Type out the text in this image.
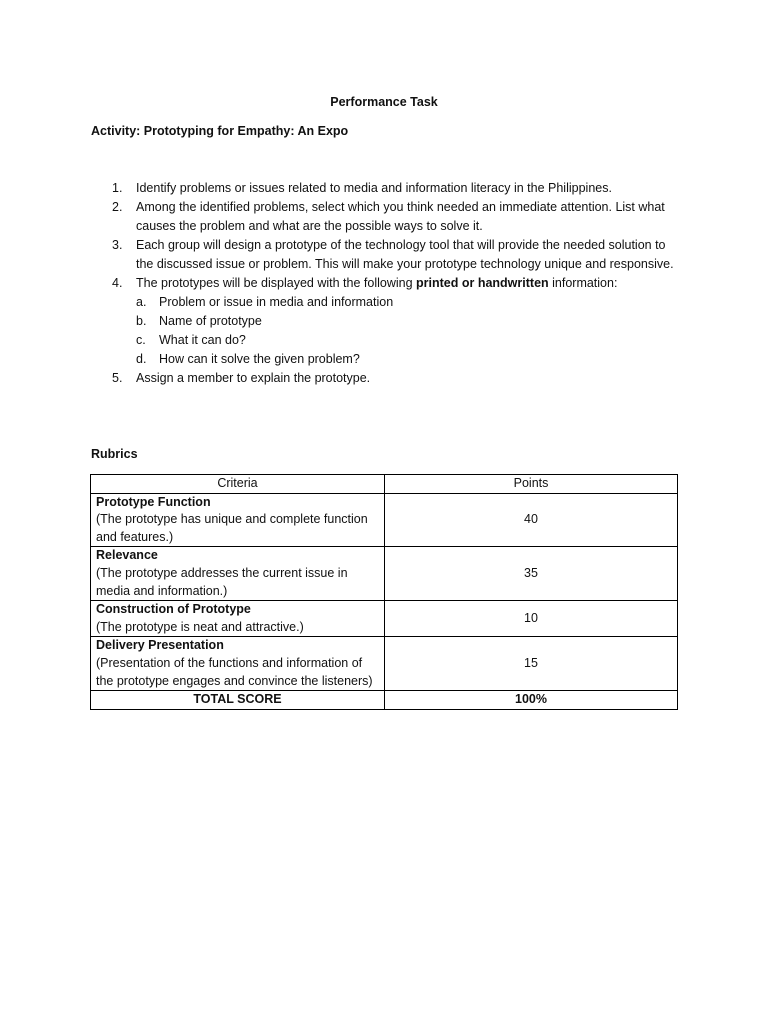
Performance Task
Activity: Prototyping for Empathy: An Expo
1. Identify problems or issues related to media and information literacy in the Philippines.
2. Among the identified problems, select which you think needed an immediate attention. List what causes the problem and what are the possible ways to solve it.
3. Each group will design a prototype of the technology tool that will provide the needed solution to the discussed issue or problem. This will make your prototype technology unique and responsive.
4. The prototypes will be displayed with the following printed or handwritten information:
a. Problem or issue in media and information
b. Name of prototype
c. What it can do?
d. How can it solve the given problem?
5. Assign a member to explain the prototype.
Rubrics
Criteria	Points

Prototype Function
(The prototype has unique and complete function and features.)	40

Relevance
(The prototype addresses the current issue in media and information.)	35

Construction of Prototype
(The prototype is neat and attractive.)	10

Delivery Presentation
(Presentation of the functions and information of the prototype engages and convince the listeners)	15
TOTAL SCORE	100%
